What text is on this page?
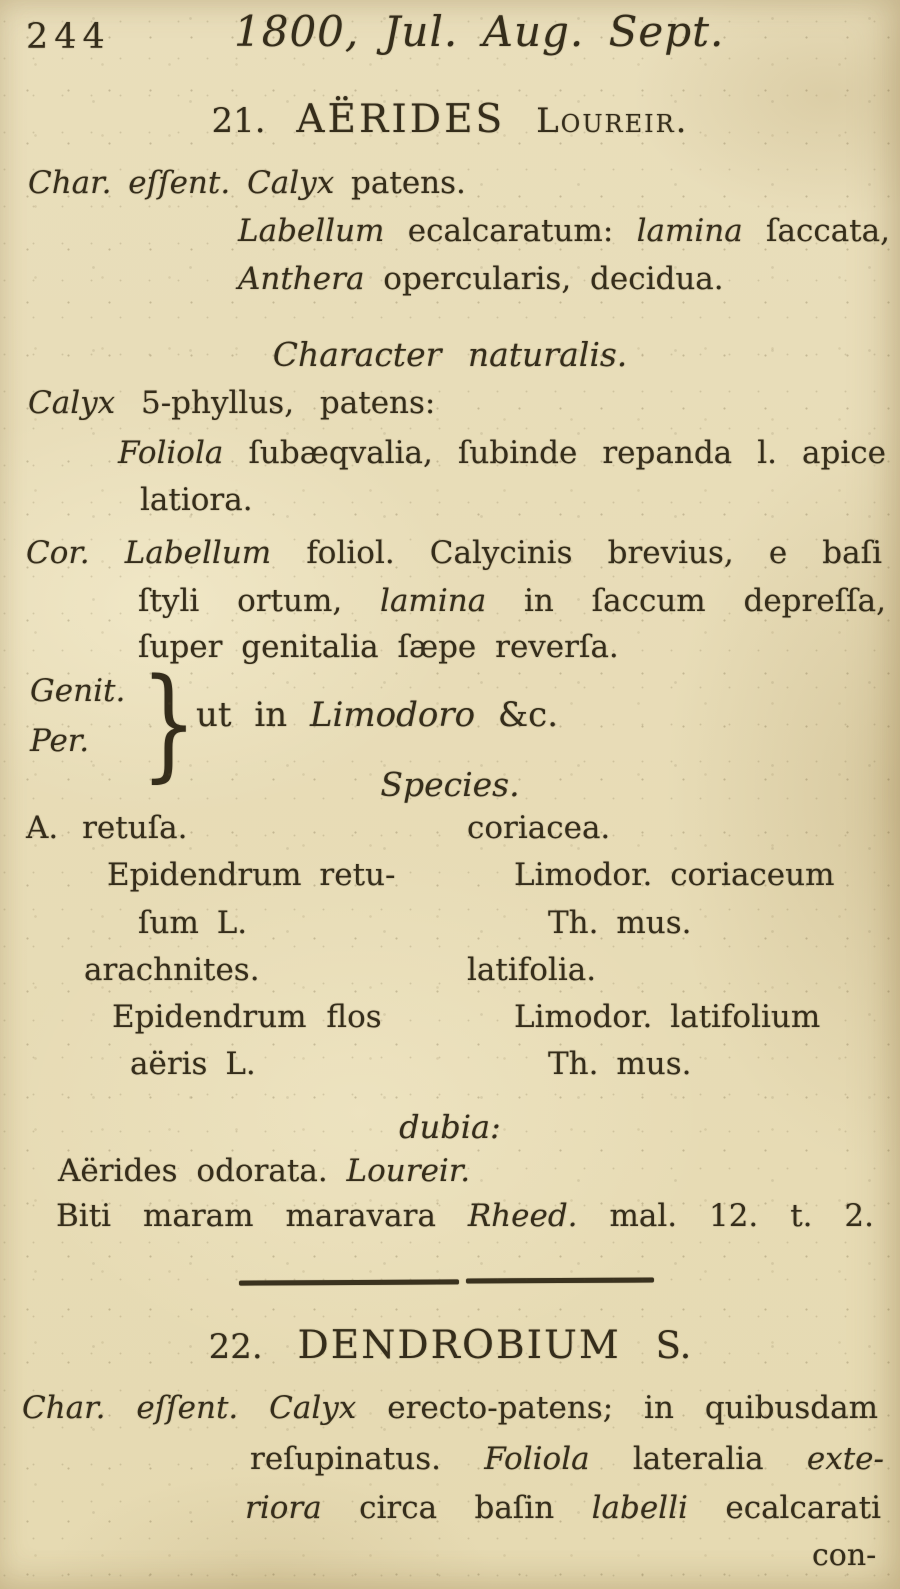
244	1800, Jul. Aug. Sept.
21. AËRIDES Loureir.
Char. eſſent. Calyx patens.
Labellum ecalcaratum: lamina ſaccata,
Anthera opercularis, decidua.
Character naturalis.
Calyx 5-phyllus, patens:
Foliola ſubæqvalia, ſubinde repanda l. apice
latiora.
Cor. Labellum foliol. Calycinis brevius, e baſi
ſtyli ortum, lamina in ſaccum depreſſa,
ſuper genitalia ſæpe reverſa.
Genit.
Per. } ut in Limodoro &c.
Species.
A. retuſa.	coriacea.
Epidendrum retu-	Limodor. coriaceum
ſum L.	Th. mus.
arachnites.	latifolia.
Epidendrum flos	Limodor. latifolium
aëris L.	Th. mus.
dubia:
Aërides odorata. Loureir.
Biti maram maravara Rheed. mal. 12. t. 2.
22. DENDROBIUM S.
Char. eſſent. Calyx erecto-patens; in quibusdam
reſupinatus. Foliola lateralia exte-
riora circa baſin labelli ecalcarati
con-
